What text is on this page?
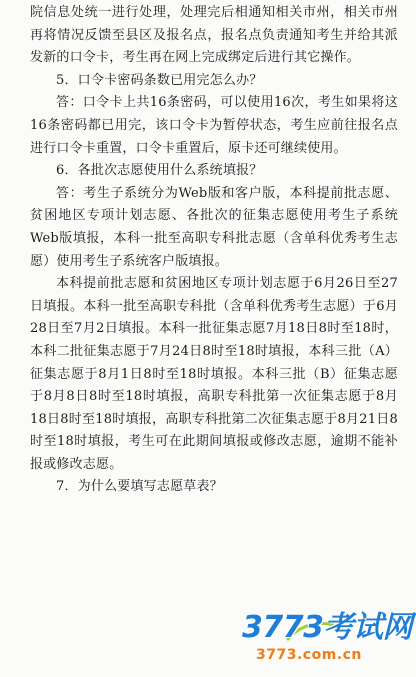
院信息处统一进行处理，处理完后相通知相关市州，相关市州再将情况反馈至县区及报名点，报名点负责通知考生并给其派发新的口令卡，考生再在网上完成绑定后进行其它操作。

5．口令卡密码条数已用完怎么办？

答：口令卡上共16条密码，可以使用16次，考生如果将这16条密码都已用完，该口令卡为暂停状态，考生应前往报名点进行口令卡重置，口令卡重置后，原卡还可继续使用。

6．各批次志愿使用什么系统填报？

答：考生子系统分为Web版和客户版，本科提前批志愿、贫困地区专项计划志愿、各批次的征集志愿使用考生子系统Web版填报，本科一批至高职专科批志愿（含单科优秀考生志愿）使用考生子系统客户版填报。

本科提前批志愿和贫困地区专项计划志愿于6月26日至27日填报。本科一批至高职专科批（含单科优秀考生志愿）于6月28日至7月2日填报。本科一批征集志愿7月18日8时至18时，本科二批征集志愿于7月24日8时至18时填报，本科三批（A）征集志愿于8月1日8时至18时填报。本科三批（B）征集志愿于8月8日8时至18时填报，高职专科批第一次征集志愿于8月18日8时至18时填报，高职专科批第二次征集志愿于8月21日8时至18时填报，考生可在此期间填报或修改志愿，逾期不能补报或修改志愿。

7．为什么要填写志愿草表？

3773考试网
3773.com.cn
